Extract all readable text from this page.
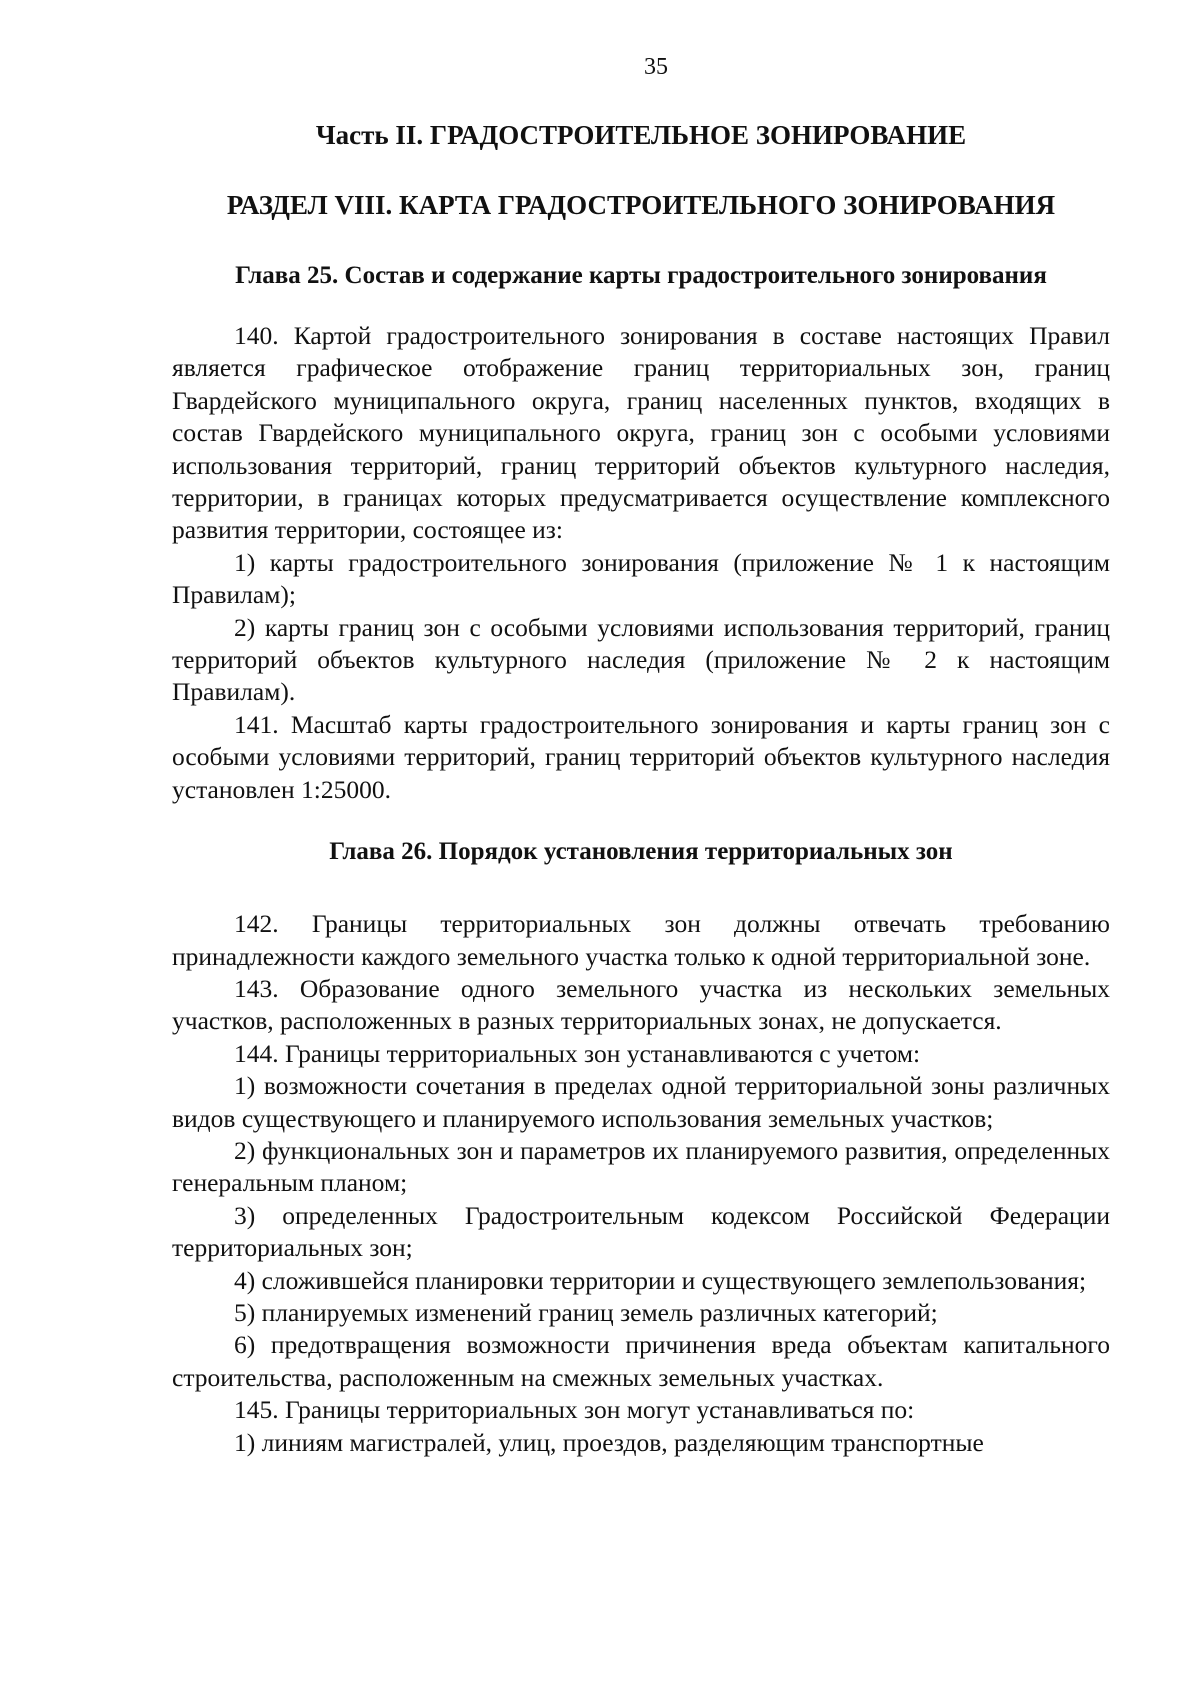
35
Часть II. ГРАДОСТРОИТЕЛЬНОЕ ЗОНИРОВАНИЕ
РАЗДЕЛ VIII. КАРТА ГРАДОСТРОИТЕЛЬНОГО ЗОНИРОВАНИЯ
Глава 25. Состав и содержание карты градостроительного зонирования

140. Картой градостроительного зонирования в составе настоящих Правил является графическое отображение границ территориальных зон, границ Гвардейского муниципального округа, границ населенных пунктов, входящих в состав Гвардейского муниципального округа, границ зон с особыми условиями использования территорий, границ территорий объектов культурного наследия, территории, в границах которых предусматривается осуществление комплексного развития территории, состоящее из:

1) карты градостроительного зонирования (приложение № 1 к настоящим Правилам);

2) карты границ зон с особыми условиями использования территорий, границ территорий объектов культурного наследия (приложение № 2 к настоящим Правилам).

141. Масштаб карты градостроительного зонирования и карты границ зон с особыми условиями территорий, границ территорий объектов культурного наследия установлен 1:25000.

Глава 26. Порядок установления территориальных зон

142. Границы территориальных зон должны отвечать требованию принадлежности каждого земельного участка только к одной территориальной зоне.

143. Образование одного земельного участка из нескольких земельных участков, расположенных в разных территориальных зонах, не допускается.

144. Границы территориальных зон устанавливаются с учетом:

1) возможности сочетания в пределах одной территориальной зоны различных видов существующего и планируемого использования земельных участков;

2) функциональных зон и параметров их планируемого развития, определенных генеральным планом;

3) определенных Градостроительным кодексом Российской Федерации территориальных зон;

4) сложившейся планировки территории и существующего землепользования;

5) планируемых изменений границ земель различных категорий;

6) предотвращения возможности причинения вреда объектам капитального строительства, расположенным на смежных земельных участках.

145. Границы территориальных зон могут устанавливаться по:

1) линиям магистралей, улиц, проездов, разделяющим транспортные
